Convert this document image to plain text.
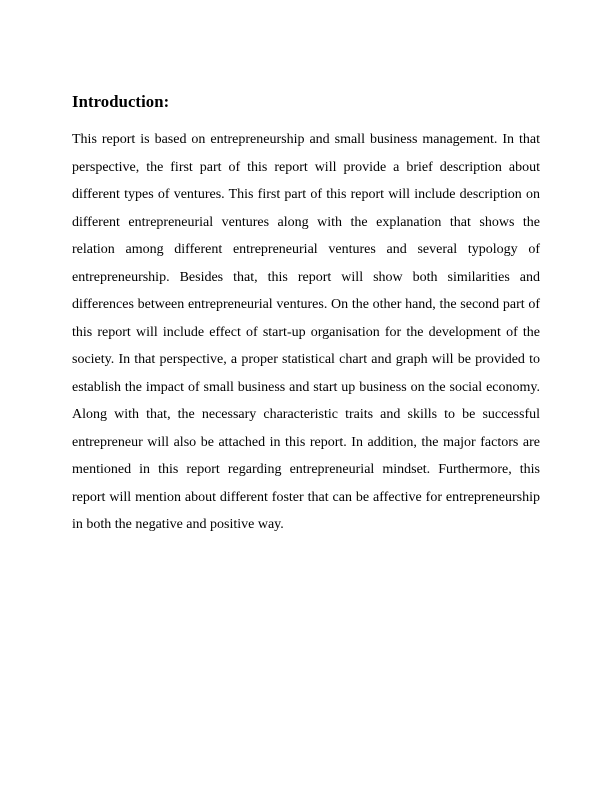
Introduction:

This report is based on entrepreneurship and small business management. In that perspective, the first part of this report will provide a brief description about different types of ventures. This first part of this report will include description on different entrepreneurial ventures along with the explanation that shows the relation among different entrepreneurial ventures and several typology of entrepreneurship. Besides that, this report will show both similarities and differences between entrepreneurial ventures. On the other hand, the second part of this report will include effect of start-up organisation for the development of the society. In that perspective, a proper statistical chart and graph will be provided to establish the impact of small business and start up business on the social economy. Along with that, the necessary characteristic traits and skills to be successful entrepreneur will also be attached in this report. In addition, the major factors are mentioned in this report regarding entrepreneurial mindset. Furthermore, this report will mention about different foster that can be affective for entrepreneurship in both the negative and positive way.
